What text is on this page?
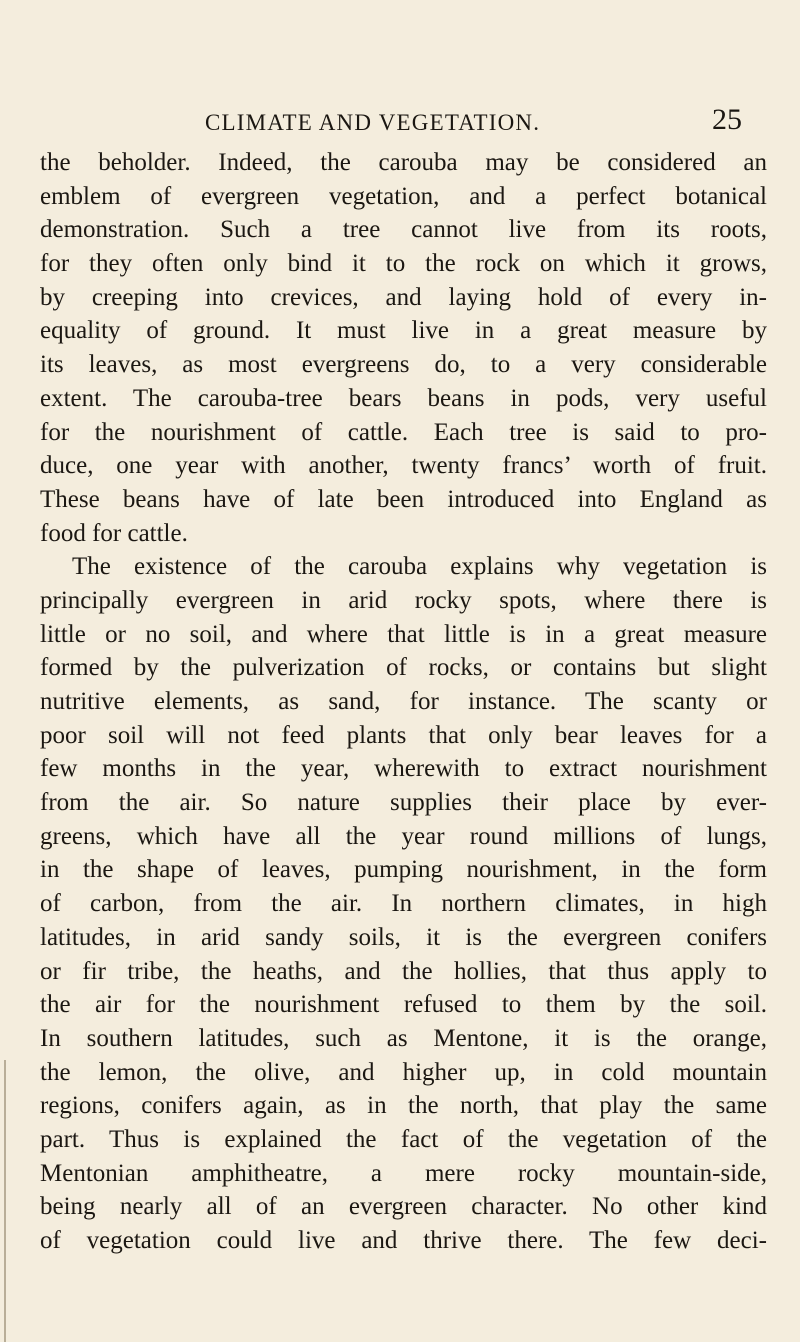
CLIMATE AND VEGETATION.	25
the beholder. Indeed, the carouba may be considered an
emblem of evergreen vegetation, and a perfect botanical
demonstration. Such a tree cannot live from its roots,
for they often only bind it to the rock on which it grows,
by creeping into crevices, and laying hold of every in-
equality of ground. It must live in a great measure by
its leaves, as most evergreens do, to a very considerable
extent. The carouba-tree bears beans in pods, very useful
for the nourishment of cattle. Each tree is said to pro-
duce, one year with another, twenty francs’ worth of fruit.
These beans have of late been introduced into England as
food for cattle.
The existence of the carouba explains why vegetation is
principally evergreen in arid rocky spots, where there is
little or no soil, and where that little is in a great measure
formed by the pulverization of rocks, or contains but slight
nutritive elements, as sand, for instance. The scanty or
poor soil will not feed plants that only bear leaves for a
few months in the year, wherewith to extract nourishment
from the air. So nature supplies their place by ever-
greens, which have all the year round millions of lungs,
in the shape of leaves, pumping nourishment, in the form
of carbon, from the air. In northern climates, in high
latitudes, in arid sandy soils, it is the evergreen conifers
or fir tribe, the heaths, and the hollies, that thus apply to
the air for the nourishment refused to them by the soil.
In southern latitudes, such as Mentone, it is the orange,
the lemon, the olive, and higher up, in cold mountain
regions, conifers again, as in the north, that play the same
part. Thus is explained the fact of the vegetation of the
Mentonian amphitheatre, a mere rocky mountain-side,
being nearly all of an evergreen character. No other kind
of vegetation could live and thrive there. The few deci-
